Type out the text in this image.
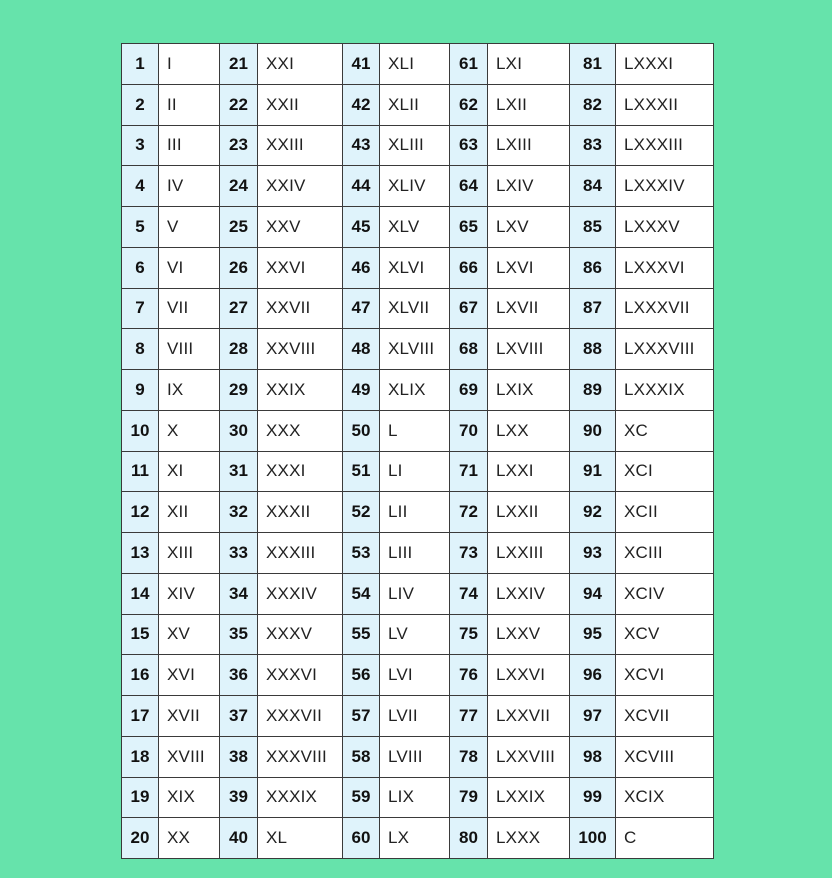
1	I	21	XXI	41	XLI	61	LXI	81	LXXXI
2	II	22	XXII	42	XLII	62	LXII	82	LXXXII
3	III	23	XXIII	43	XLIII	63	LXIII	83	LXXXIII
4	IV	24	XXIV	44	XLIV	64	LXIV	84	LXXXIV
5	V	25	XXV	45	XLV	65	LXV	85	LXXXV
6	VI	26	XXVI	46	XLVI	66	LXVI	86	LXXXVI
7	VII	27	XXVII	47	XLVII	67	LXVII	87	LXXXVII
8	VIII	28	XXVIII	48	XLVIII	68	LXVIII	88	LXXXVIII
9	IX	29	XXIX	49	XLIX	69	LXIX	89	LXXXIX
10	X	30	XXX	50	L	70	LXX	90	XC
11	XI	31	XXXI	51	LI	71	LXXI	91	XCI
12	XII	32	XXXII	52	LII	72	LXXII	92	XCII
13	XIII	33	XXXIII	53	LIII	73	LXXIII	93	XCIII
14	XIV	34	XXXIV	54	LIV	74	LXXIV	94	XCIV
15	XV	35	XXXV	55	LV	75	LXXV	95	XCV
16	XVI	36	XXXVI	56	LVI	76	LXXVI	96	XCVI
17	XVII	37	XXXVII	57	LVII	77	LXXVII	97	XCVII
18	XVIII	38	XXXVIII	58	LVIII	78	LXXVIII	98	XCVIII
19	XIX	39	XXXIX	59	LIX	79	LXXIX	99	XCIX
20	XX	40	XL	60	LX	80	LXXX	100	C
